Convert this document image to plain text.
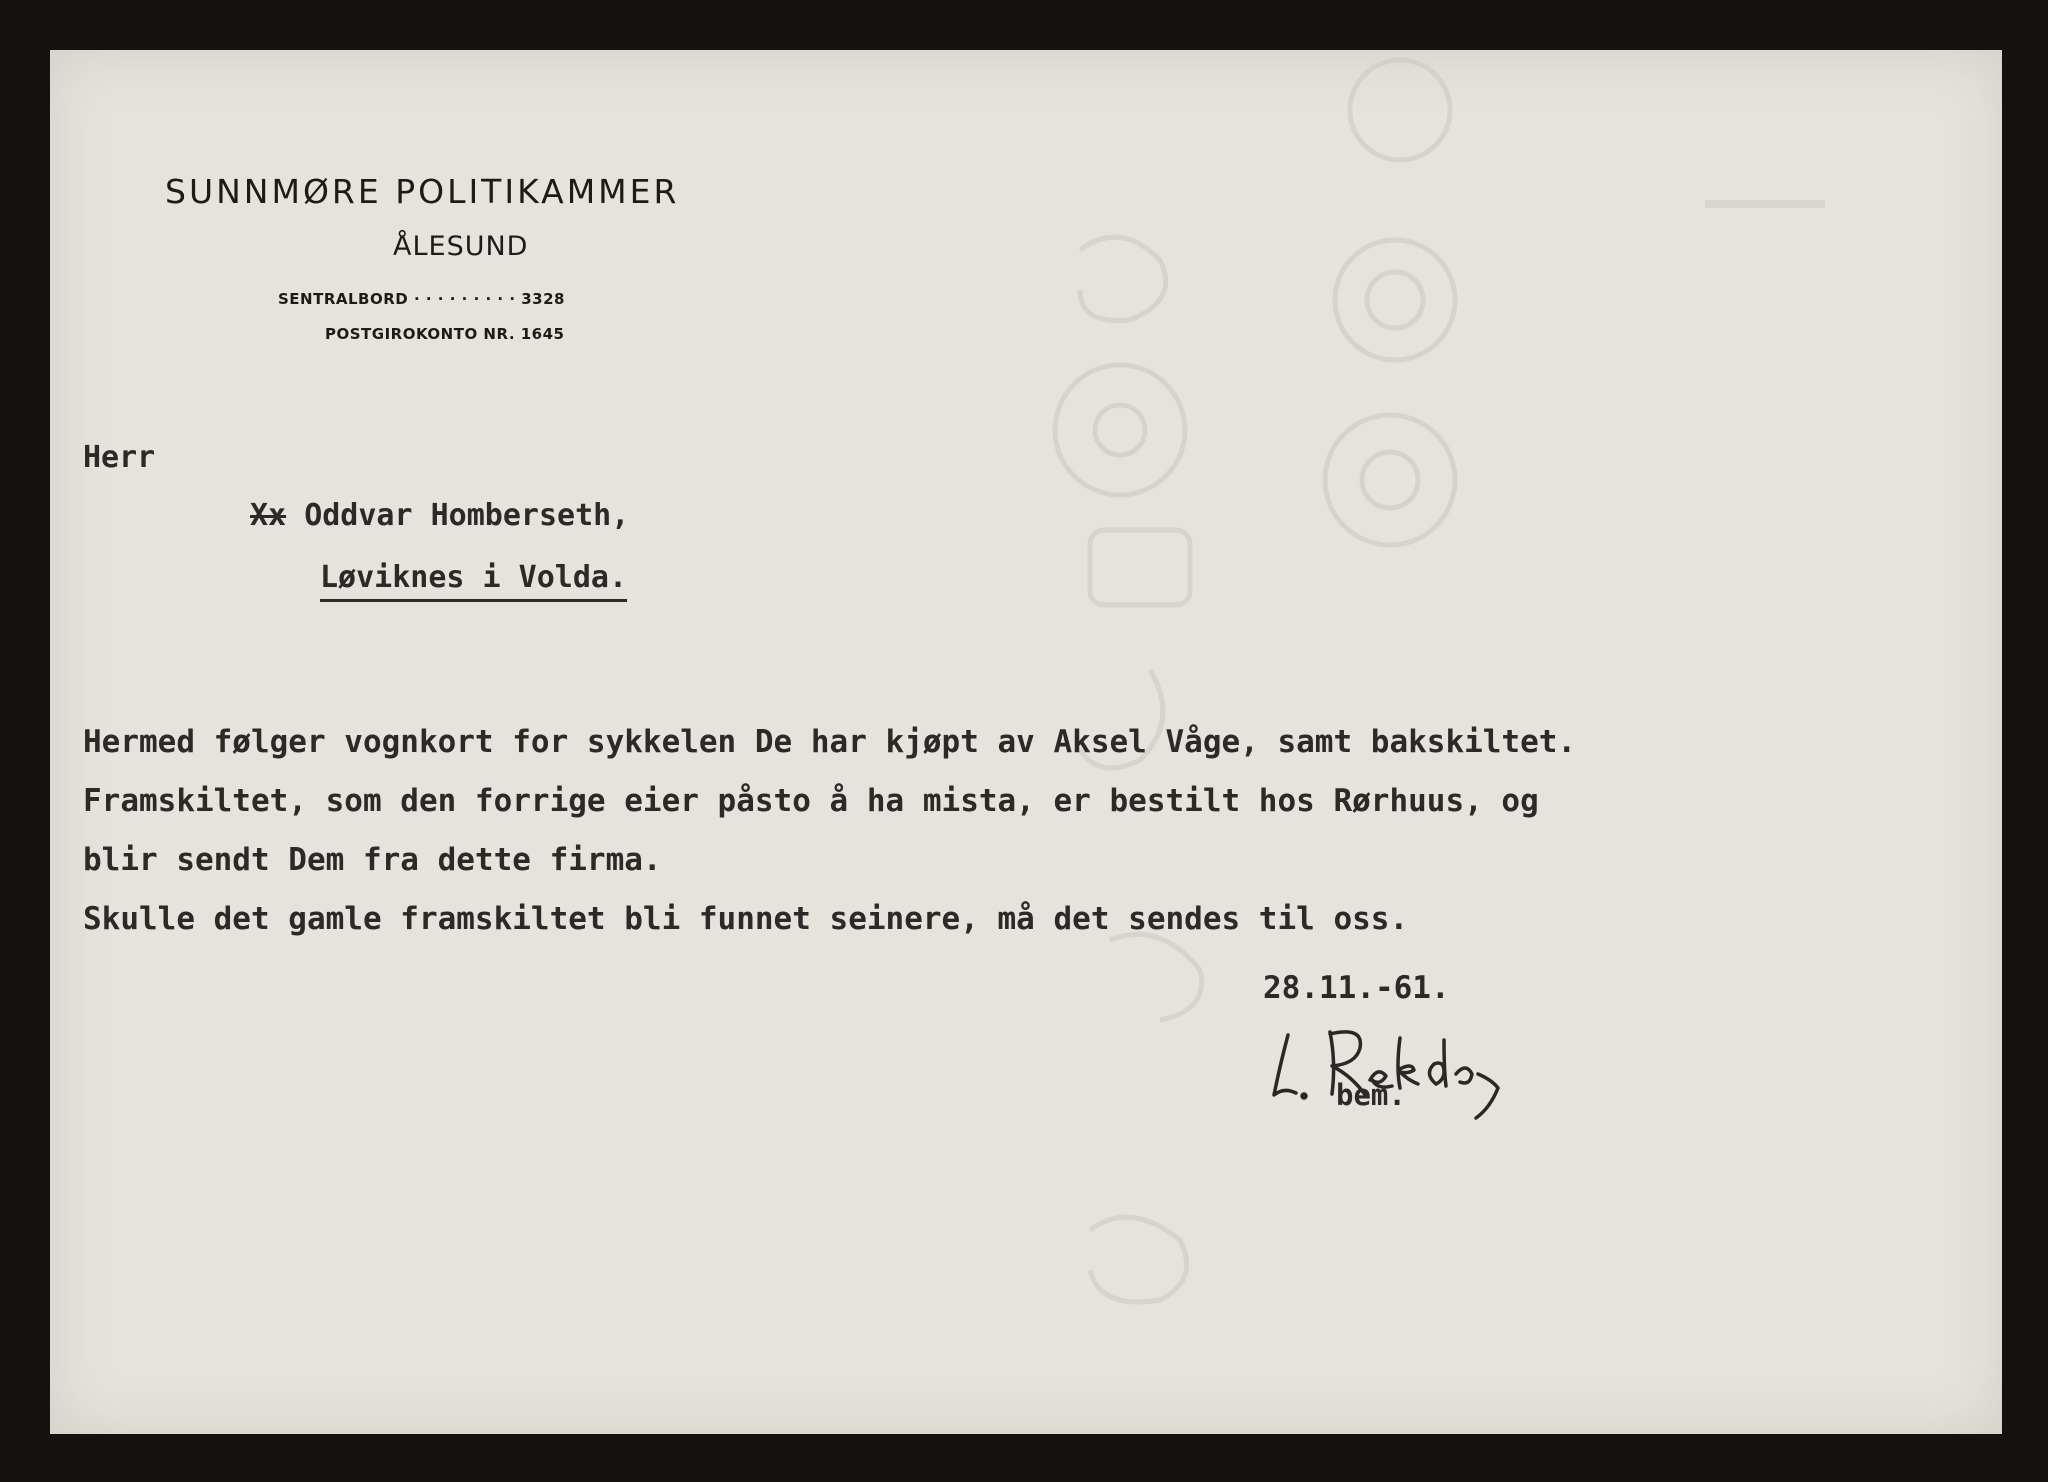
SUNNMØRE POLITIKAMMER
ÅLESUND
SENTRALBORD · · · · · · · · · 3328
POSTGIROKONTO NR. 1645
Herr
Xx Oddvar Homberseth,
Løviknes i Volda.
Hermed følger vognkort for sykkelen De har kjøpt av Aksel Våge, samt bakskiltet.
Framskiltet, som den forrige eier påsto å ha mista, er bestilt hos Rørhuus, og
blir sendt Dem fra dette firma.
Skulle det gamle framskiltet bli funnet seinere, må det sendes til oss.
28.11.-61.
bem.
